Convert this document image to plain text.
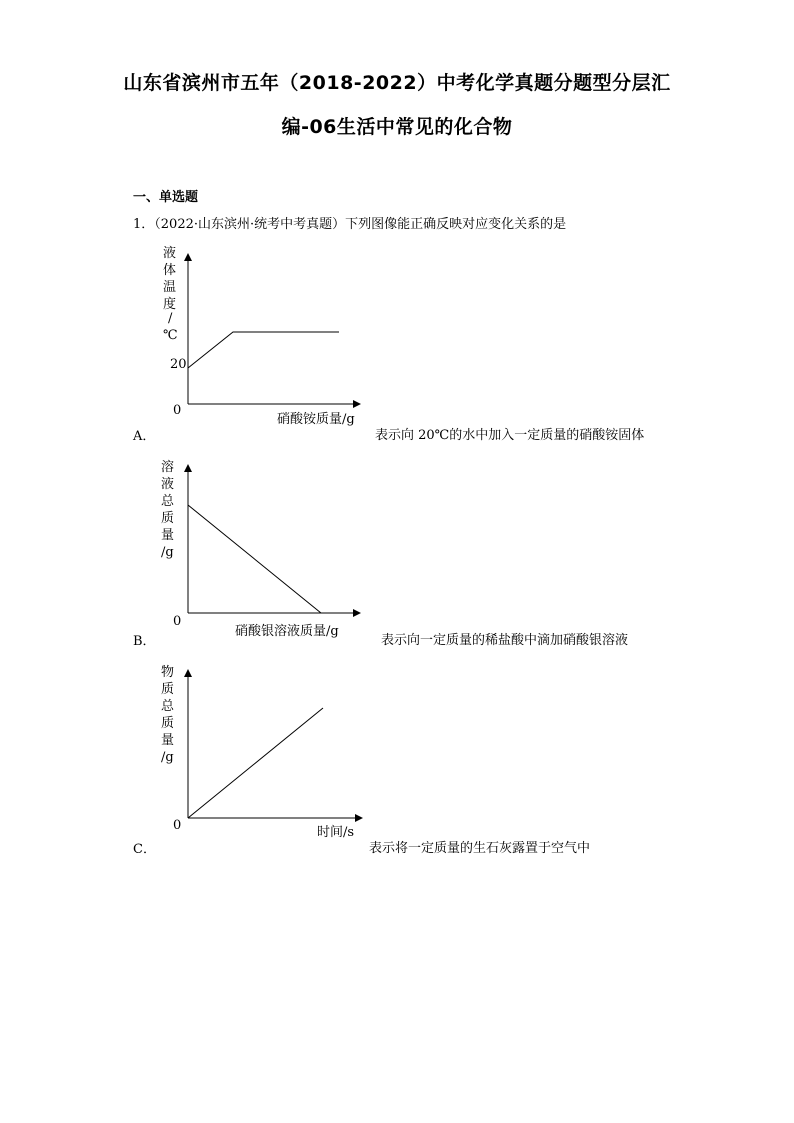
山东省滨州市五年（2018-2022）中考化学真题分题型分层汇
编-06生活中常见的化合物
一、单选题
1．（2022·山东滨州·统考中考真题）下列图像能正确反映对应变化关系的是
液
体
温
度
/
℃
20
0
硝酸铵质量/g
A．	表示向 20℃的水中加入一定质量的硝酸铵固体
溶
液
总
质
量
/g
0
硝酸银溶液质量/g
B．	表示向一定质量的稀盐酸中滴加硝酸银溶液
物
质
总
质
量
/g
0	时间/s
C．	表示将一定质量的生石灰露置于空气中
